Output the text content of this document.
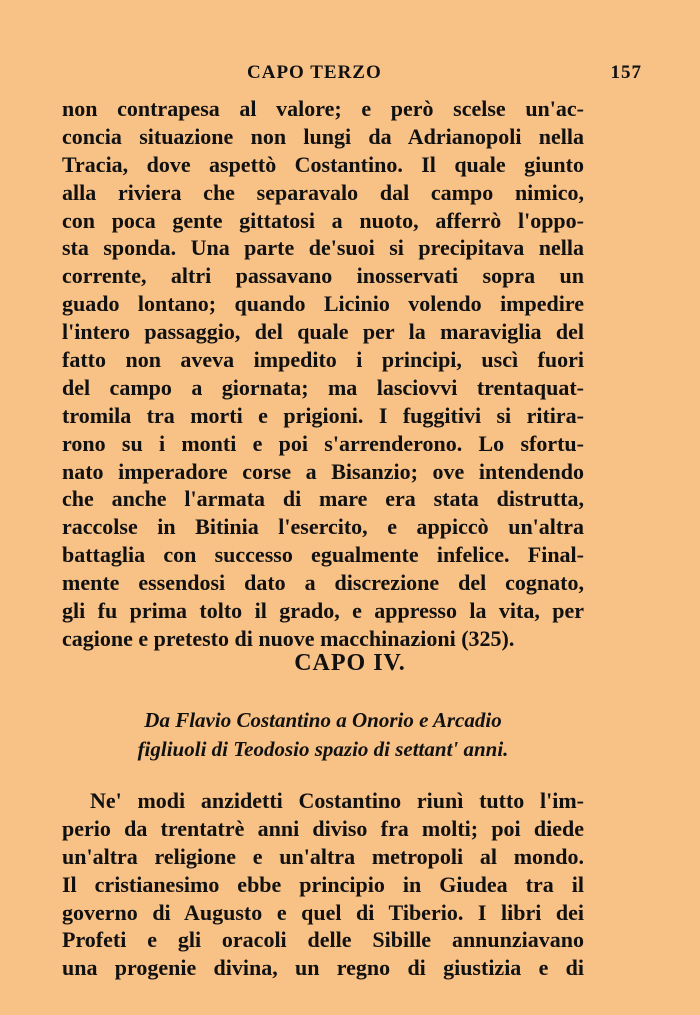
CAPO TERZO	157
non contrapesa al valore; e però scelse un'ac-
concia situazione non lungi da Adrianopoli nella
Tracia, dove aspettò Costantino. Il quale giunto
alla riviera che separavalo dal campo nimico,
con poca gente gittatosi a nuoto, afferrò l'oppo-
sta sponda. Una parte de'suoi si precipitava nella
corrente, altri passavano inosservati sopra un
guado lontano; quando Licinio volendo impedire
l'intero passaggio, del quale per la maraviglia del
fatto non aveva impedito i principi, uscì fuori
del campo a giornata; ma lasciovvi trentaquat-
tromila tra morti e prigioni. I fuggitivi si ritira-
rono su i monti e poi s'arrenderono. Lo sfortu-
nato imperadore corse a Bisanzio; ove intendendo
che anche l'armata di mare era stata distrutta,
raccolse in Bitinia l'esercito, e appiccò un'altra
battaglia con successo egualmente infelice. Final-
mente essendosi dato a discrezione del cognato,
gli fu prima tolto il grado, e appresso la vita, per
cagione e pretesto di nuove macchinazioni (325).
CAPO IV.
Da Flavio Costantino a Onorio e Arcadio
figliuoli di Teodosio spazio di settant' anni.
Ne' modi anzidetti Costantino riunì tutto l'im-
perio da trentatrè anni diviso fra molti; poi diede
un'altra religione e un'altra metropoli al mondo.
Il cristianesimo ebbe principio in Giudea tra il
governo di Augusto e quel di Tiberio. I libri dei
Profeti e gli oracoli delle Sibille annunziavano
una progenie divina, un regno di giustizia e di
